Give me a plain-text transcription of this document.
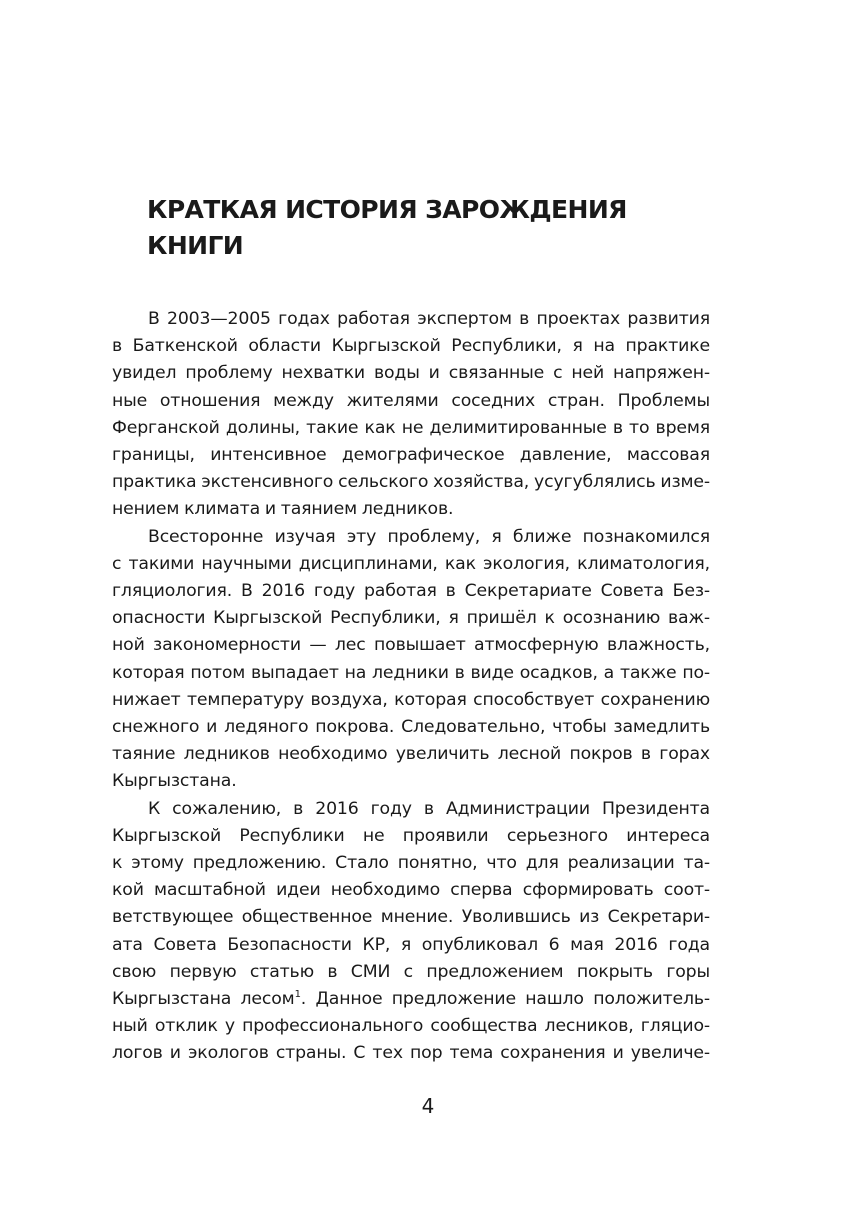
КРАТКАЯ ИСТОРИЯ ЗАРОЖДЕНИЯ
КНИГИ

В 2003—2005 годах работая экспертом в проектах развития
в Баткенской области Кыргызской Республики, я на практике
увидел проблему нехватки воды и связанные с ней напряжен-
ные отношения между жителями соседних стран. Проблемы
Ферганской долины, такие как не делимитированные в то время
границы, интенсивное демографическое давление, массовая
практика экстенсивного сельского хозяйства, усугублялись изме-
нением климата и таянием ледников.

Всесторонне изучая эту проблему, я ближе познакомился
с такими научными дисциплинами, как экология, климатология,
гляциология. В 2016 году работая в Секретариате Совета Без-
опасности Кыргызской Республики, я пришёл к осознанию важ-
ной закономерности — лес повышает атмосферную влажность,
которая потом выпадает на ледники в виде осадков, а также по-
нижает температуру воздуха, которая способствует сохранению
снежного и ледяного покрова. Следовательно, чтобы замедлить
таяние ледников необходимо увеличить лесной покров в горах
Кыргызстана.

К сожалению, в 2016 году в Администрации Президента
Кыргызской Республики не проявили серьезного интереса
к этому предложению. Стало понятно, что для реализации та-
кой масштабной идеи необходимо сперва сформировать соот-
ветствующее общественное мнение. Уволившись из Секретари-
ата Совета Безопасности КР, я опубликовал 6 мая 2016 года
свою первую статью в СМИ с предложением покрыть горы
Кыргызстана лесом$^1$. Данное предложение нашло положитель-
ный отклик у профессионального сообщества лесников, гляцио-
логов и экологов страны. С тех пор тема сохранения и увеличе-

4
